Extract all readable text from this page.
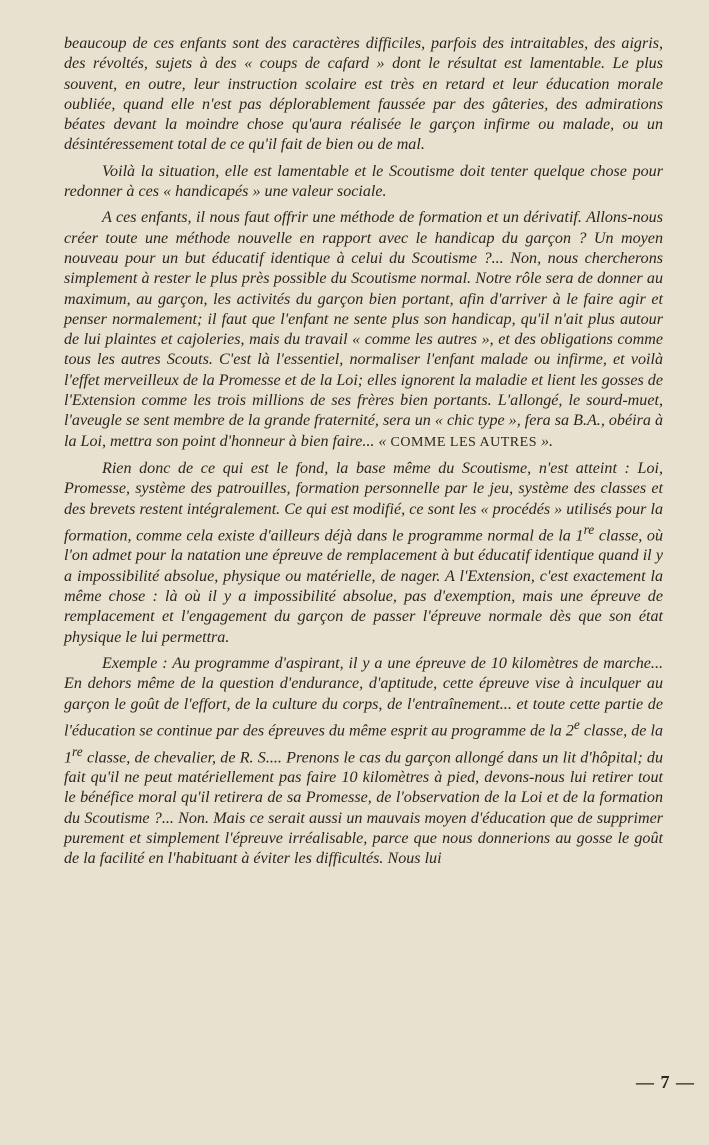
beaucoup de ces enfants sont des caractères difficiles, parfois des intraitables, des aigris, des révoltés, sujets à des « coups de cafard » dont le résultat est lamentable. Le plus souvent, en outre, leur instruction scolaire est très en retard et leur éducation morale oubliée, quand elle n'est pas déplorablement faussée par des gâteries, des admirations béates devant la moindre chose qu'aura réalisée le garçon infirme ou malade, ou un désintéressement total de ce qu'il fait de bien ou de mal.

Voilà la situation, elle est lamentable et le Scoutisme doit tenter quelque chose pour redonner à ces « handicapés » une valeur sociale.

A ces enfants, il nous faut offrir une méthode de formation et un dérivatif. Allons-nous créer toute une méthode nouvelle en rapport avec le handicap du garçon ? Un moyen nouveau pour un but éducatif identique à celui du Scoutisme ?... Non, nous chercherons simplement à rester le plus près possible du Scoutisme normal. Notre rôle sera de donner au maximum, au garçon, les activités du garçon bien portant, afin d'arriver à le faire agir et penser normalement; il faut que l'enfant ne sente plus son handicap, qu'il n'ait plus autour de lui plaintes et cajoleries, mais du travail « comme les autres », et des obligations comme tous les autres Scouts. C'est là l'essentiel, normaliser l'enfant malade ou infirme, et voilà l'effet merveilleux de la Promesse et de la Loi; elles ignorent la maladie et lient les gosses de l'Extension comme les trois millions de ses frères bien portants. L'allongé, le sourd-muet, l'aveugle se sent membre de la grande fraternité, sera un « chic type », fera sa B.A., obéira à la Loi, mettra son point d'honneur à bien faire... « COMME LES AUTRES ».

Rien donc de ce qui est le fond, la base même du Scoutisme, n'est atteint : Loi, Promesse, système des patrouilles, formation personnelle par le jeu, système des classes et des brevets restent intégralement. Ce qui est modifié, ce sont les « procédés » utilisés pour la formation, comme cela existe d'ailleurs déjà dans le programme normal de la 1re classe, où l'on admet pour la natation une épreuve de remplacement à but éducatif identique quand il y a impossibilité absolue, physique ou matérielle, de nager. A l'Extension, c'est exactement la même chose : là où il y a impossibilité absolue, pas d'exemption, mais une épreuve de remplacement et l'engagement du garçon de passer l'épreuve normale dès que son état physique le lui permettra.

Exemple : Au programme d'aspirant, il y a une épreuve de 10 kilomètres de marche... En dehors même de la question d'endurance, d'aptitude, cette épreuve vise à inculquer au garçon le goût de l'effort, de la culture du corps, de l'entraînement... et toute cette partie de l'éducation se continue par des épreuves du même esprit au programme de la 2e classe, de la 1re classe, de chevalier, de R. S.... Prenons le cas du garçon allongé dans un lit d'hôpital; du fait qu'il ne peut matériellement pas faire 10 kilomètres à pied, devons-nous lui retirer tout le bénéfice moral qu'il retirera de sa Promesse, de l'observation de la Loi et de la formation du Scoutisme ?... Non. Mais ce serait aussi un mauvais moyen d'éducation que de supprimer purement et simplement l'épreuve irréalisable, parce que nous donnerions au gosse le goût de la facilité en l'habituant à éviter les difficultés. Nous lui

— 7 —
